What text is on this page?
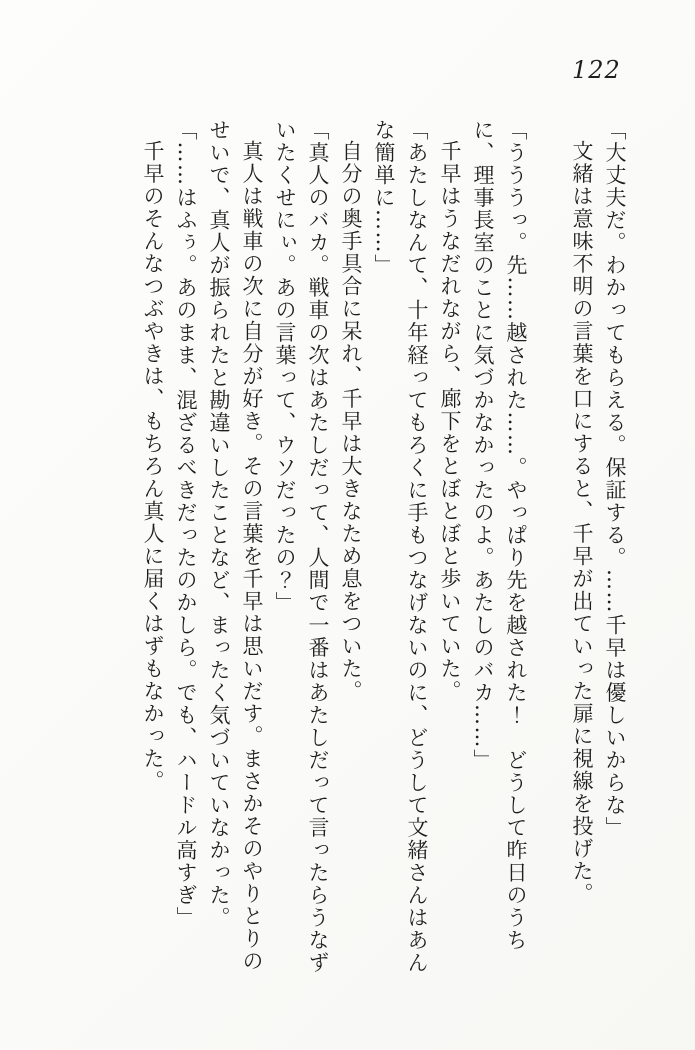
122

「大丈夫だ。わかってもらえる。保証する。……千早は優しいからな」

文緒は意味不明の言葉を口にすると、千早が出ていった扉に視線を投げた。

「うううっ。先……越された……。やっぱり先を越された！　どうして昨日のうちに、理事長室のことに気づかなかったのよ。あたしのバカ……」

千早はうなだれながら、廊下をとぼとぼと歩いていた。

「あたしなんて、十年経ってもろくに手もつなげないのに、どうして文緒さんはあんな簡単に……」

自分の奥手具合に呆れ、千早は大きなため息をついた。

「真人のバカ。戦車の次はあたしだって、人間で一番はあたしだって言ったらうなずいたくせにぃ。あの言葉って、ウソだったの？」

真人は戦車の次に自分が好き。その言葉を千早は思いだす。まさかそのやりとりのせいで、真人が振られたと勘違いしたことなど、まったく気づいていなかった。

「……はふぅ。あのまま、混ざるべきだったのかしら。でも、ハードル高すぎ」

千早のそんなつぶやきは、もちろん真人に届くはずもなかった。
